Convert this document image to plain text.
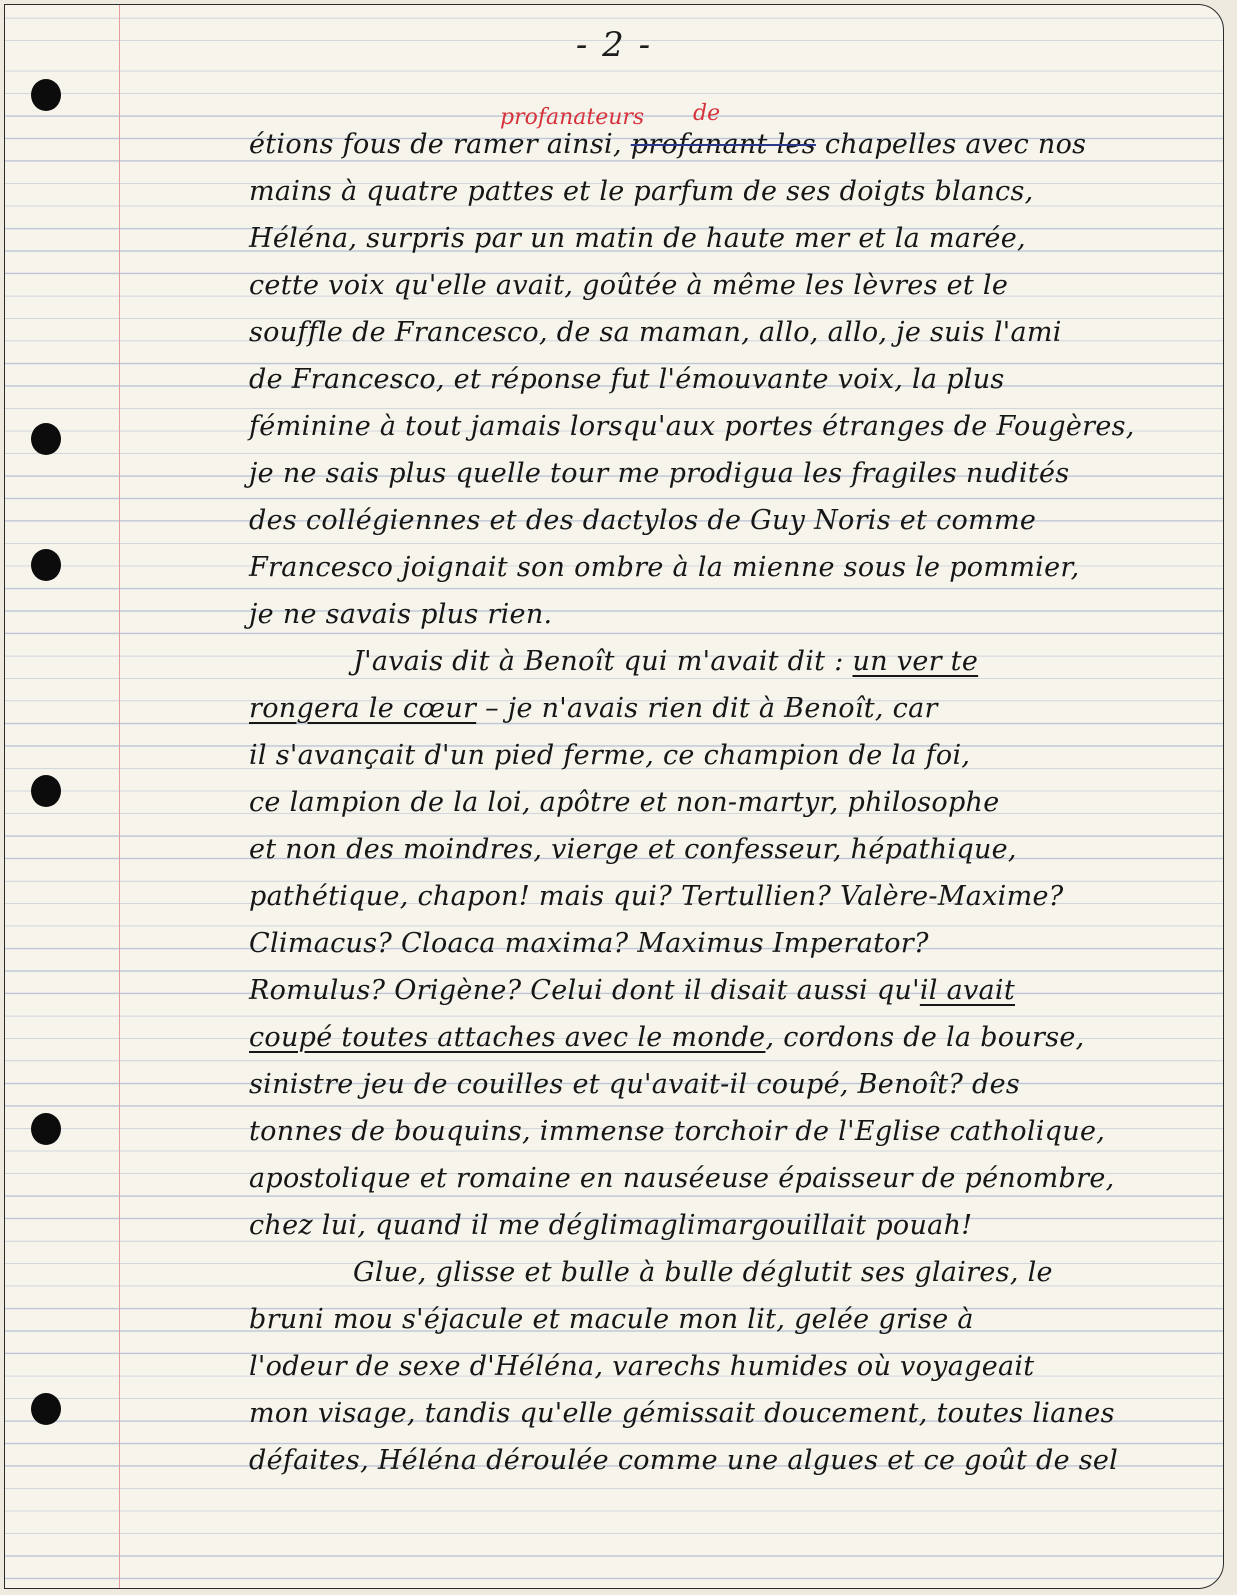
- 2 -
profanateurs de
étions fous de ramer ainsi, profanant les chapelles avec nos
mains à quatre pattes et le parfum de ses doigts blancs,
Héléna, surpris par un matin de haute mer et la marée,
cette voix qu'elle avait, goûtée à même les lèvres et le
souffle de Francesco, de sa maman, allo, allo, je suis l'ami
de Francesco, et réponse fut l'émouvante voix, la plus
féminine à tout jamais lorsqu'aux portes étranges de Fougères,
je ne sais plus quelle tour me prodigua les fragiles nudités
des collégiennes et des dactylos de Guy Noris et comme
Francesco joignait son ombre à la mienne sous le pommier,
je ne savais plus rien.
J'avais dit à Benoît qui m'avait dit : un ver te
rongera le cœur – je n'avais rien dit à Benoît, car
il s'avançait d'un pied ferme, ce champion de la foi,
ce lampion de la loi, apôtre et non-martyr, philosophe
et non des moindres, vierge et confesseur, hépathique,
pathétique, chapon! mais qui? Tertullien? Valère-Maxime?
Climacus? Cloaca maxima? Maximus Imperator?
Romulus? Origène? Celui dont il disait aussi qu'il avait
coupé toutes attaches avec le monde, cordons de la bourse,
sinistre jeu de couilles et qu'avait-il coupé, Benoît? des
tonnes de bouquins, immense torchoir de l'Eglise catholique,
apostolique et romaine en nauséeuse épaisseur de pénombre,
chez lui, quand il me déglimaglimargouillait pouah!
Glue, glisse et bulle à bulle déglutit ses glaires, le
bruni mou s'éjacule et macule mon lit, gelée grise à
l'odeur de sexe d'Héléna, varechs humides où voyageait
mon visage, tandis qu'elle gémissait doucement, toutes lianes
défaites, Héléna déroulée comme une algues et ce goût de sel
